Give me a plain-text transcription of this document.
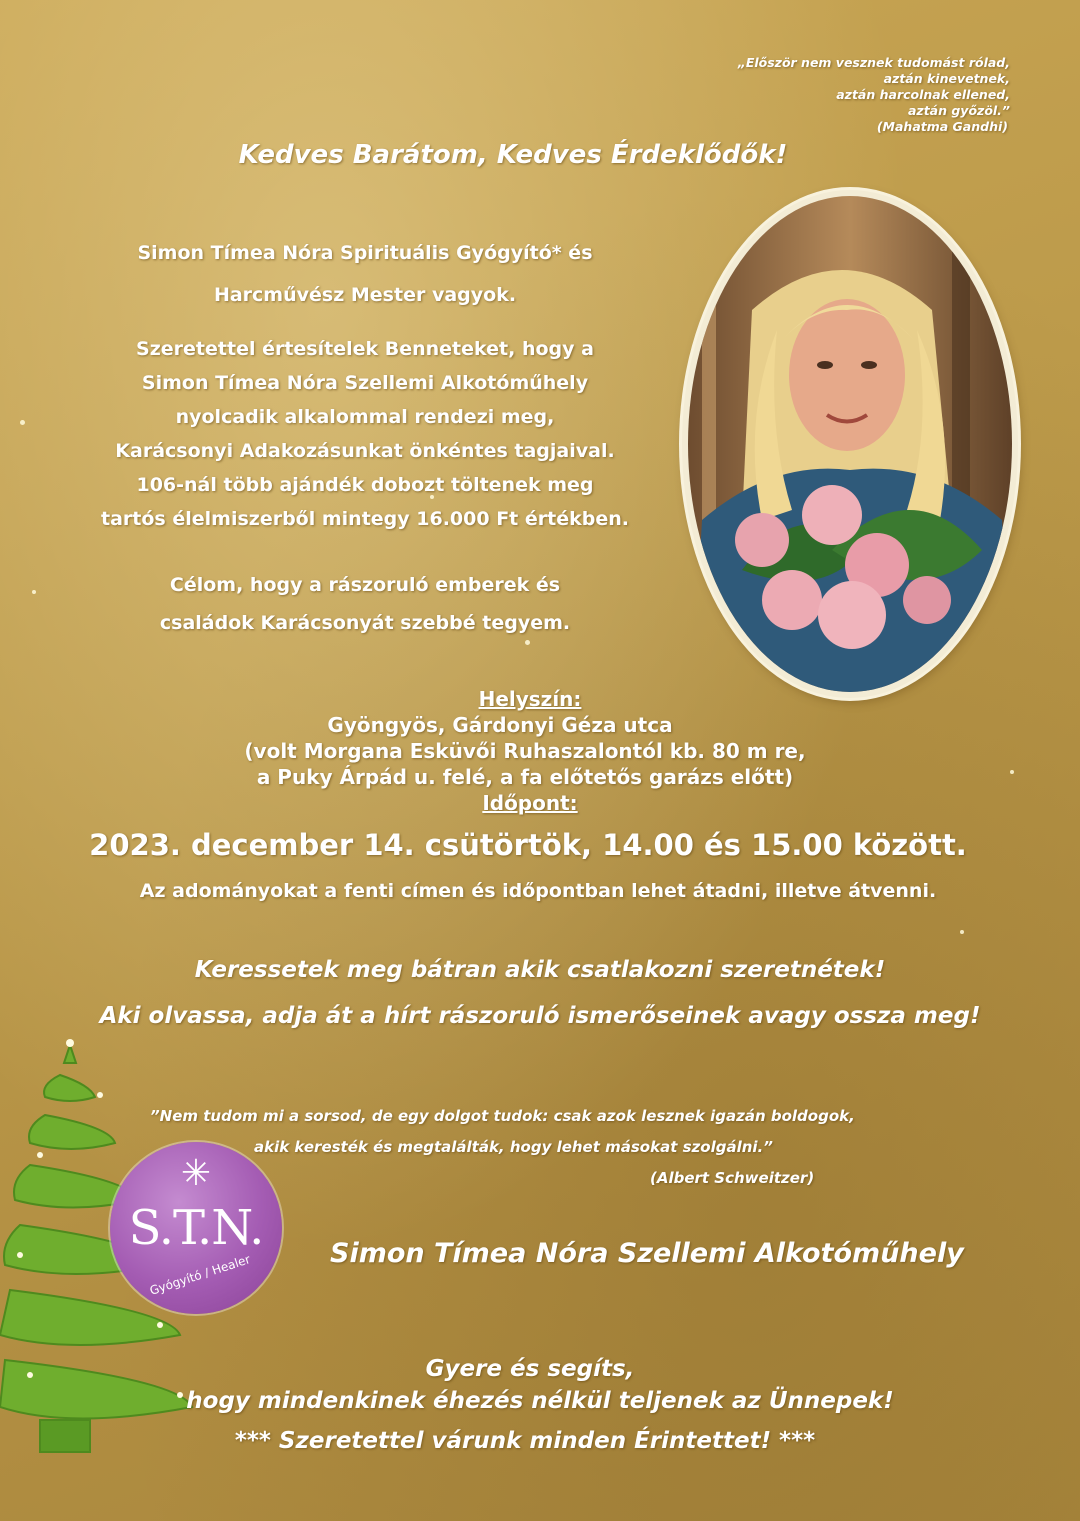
„Először nem vesznek tudomást rólad,
aztán kinevetnek,
aztán harcolnak ellened,
aztán győzöl.”
(Mahatma Gandhi)
Kedves Barátom, Kedves Érdeklődők!
Simon Tímea Nóra Spirituális Gyógyító* és
Harcművész Mester vagyok.
Szeretettel értesítelek Benneteket, hogy a
Simon Tímea Nóra Szellemi Alkotóműhely
nyolcadik alkalommal rendezi meg,
Karácsonyi Adakozásunkat önkéntes tagjaival.
106-nál több ajándék dobozt töltenek meg
tartós élelmiszerből mintegy 16.000 Ft értékben.
Célom, hogy a rászoruló emberek és
családok Karácsonyát szebbé tegyem.
Helyszín:
Gyöngyös, Gárdonyi Géza utca
(volt Morgana Esküvői Ruhaszalontól kb. 80 m re,
a Puky Árpád u. felé, a fa előtetős garázs előtt)
Időpont:
2023. december 14. csütörtök, 14.00 és 15.00 között.
Az adományokat a fenti címen és időpontban lehet átadni, illetve átvenni.
Keressetek meg bátran akik csatlakozni szeretnétek!
Aki olvassa, adja át a hírt rászoruló ismerőseinek avagy ossza meg!
✳
S.T.N.
Gyógyító / Healer
”Nem tudom mi a sorsod, de egy dolgot tudok: csak azok lesznek igazán boldogok,
akik keresték és megtalálták, hogy lehet másokat szolgálni.”
(Albert Schweitzer)
Simon Tímea Nóra Szellemi Alkotóműhely
Gyere és segíts,
hogy mindenkinek éhezés nélkül teljenek az Ünnepek!
*** Szeretettel várunk minden Érintettet! ***
